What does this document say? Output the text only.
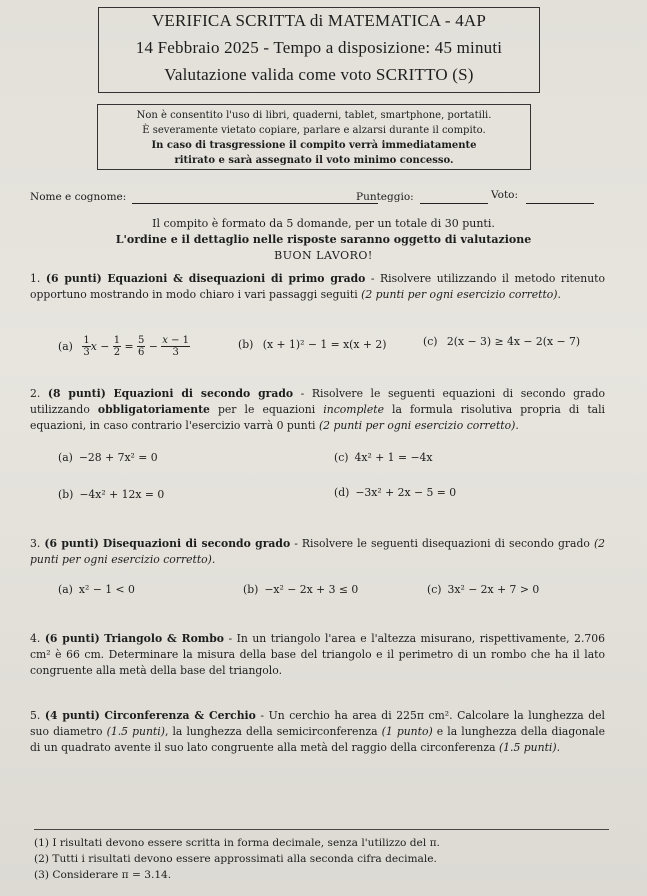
VERIFICA SCRITTA di MATEMATICA - 4AP
14 Febbraio 2025 - Tempo a disposizione: 45 minuti
Valutazione valida come voto SCRITTO (S)
Non è consentito l'uso di libri, quaderni, tablet, smartphone, portatili.
È severamente vietato copiare, parlare e alzarsi durante il compito.
In caso di trasgressione il compito verrà immediatamente
ritirato e sarà assegnato il voto minimo concesso.
Nome e cognome:	Punteggio:	Voto:
Il compito è formato da 5 domande, per un totale di 30 punti.
L'ordine e il dettaglio nelle risposte saranno oggetto di valutazione
BUON LAVORO!
1. (6 punti) Equazioni & disequazioni di primo grado - Risolvere utilizzando il metodo ritenuto opportuno mostrando in modo chiaro i vari passaggi seguiti (2 punti per ogni esercizio corretto).
$(a) \frac{1}{3}$ $x - \frac{1}{2} = \frac{5}{6} - \frac{x - 1}{3}$	(b) (x + 1)² − 1 = x(x + 2)	(c) 2(x − 3) ≥ 4x − 2(x − 7)
2. (8 punti) Equazioni di secondo grado - Risolvere le seguenti equazioni di secondo grado utilizzando obbligatoriamente per le equazioni incomplete la formula risolutiva propria di tali equazioni, in caso contrario l'esercizio varrà 0 punti (2 punti per ogni esercizio corretto).
(a) −28 + 7x² = 0	(c) 4x² + 1 = −4x
(b) −4x² + 12x = 0	(d) −3x² + 2x − 5 = 0
3. (6 punti) Disequazioni di secondo grado - Risolvere le seguenti disequazioni di secondo grado (2 punti per ogni esercizio corretto).
(a) x² − 1 < 0	(b) −x² − 2x + 3 ≤ 0	(c) 3x² − 2x + 7 > 0
4. (6 punti) Triangolo & Rombo - In un triangolo l'area e l'altezza misurano, rispettivamente, 2.706 cm² è 66 cm. Determinare la misura della base del triangolo e il perimetro di un rombo che ha il lato congruente alla metà della base del triangolo.
5. (4 punti) Circonferenza & Cerchio - Un cerchio ha area di 225π cm². Calcolare la lunghezza del suo diametro (1.5 punti), la lunghezza della semicirconferenza (1 punto) e la lunghezza della diagonale di un quadrato avente il suo lato congruente alla metà del raggio della circonferenza (1.5 punti).
(1) I risultati devono essere scritta in forma decimale, senza l'utilizzo del π.
(2) Tutti i risultati devono essere approssimati alla seconda cifra decimale.
(3) Considerare π = 3.14.
